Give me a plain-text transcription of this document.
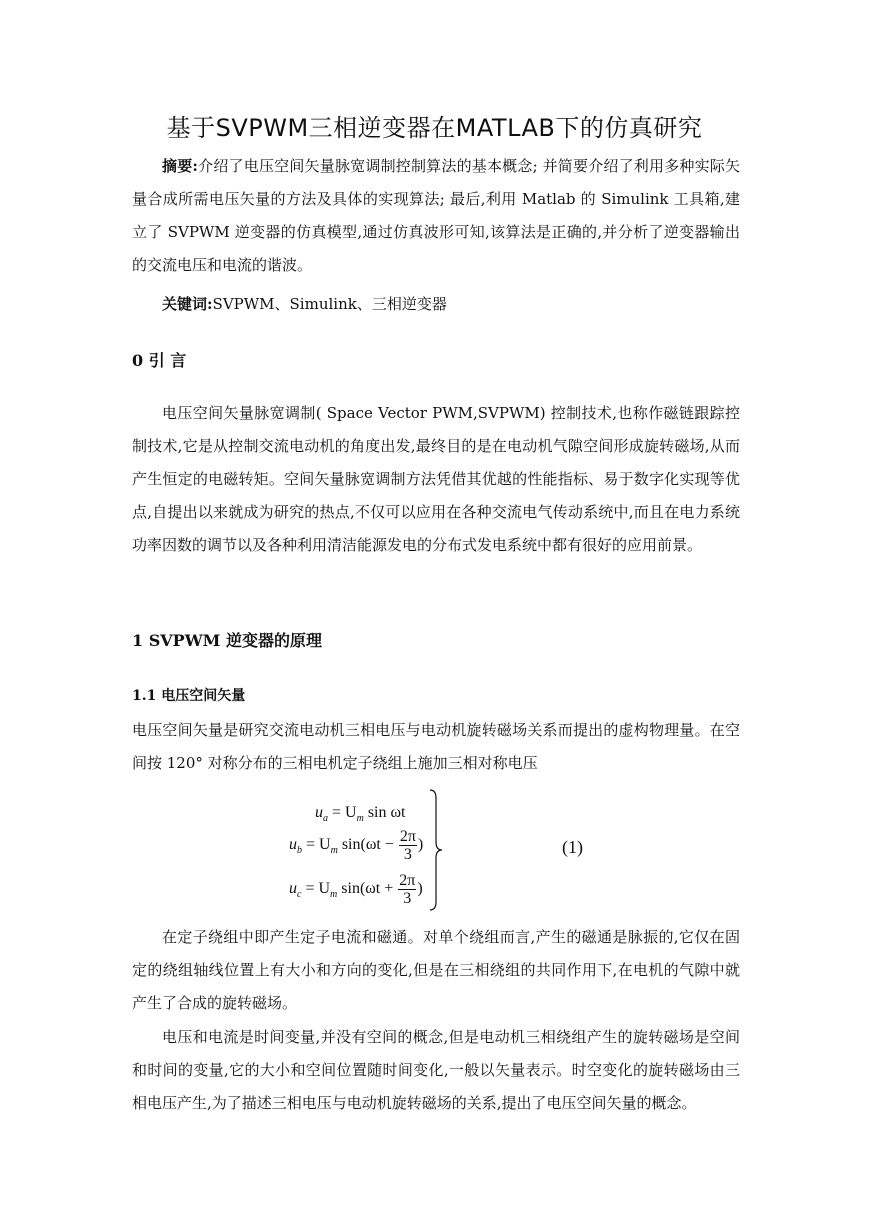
基于SVPWM三相逆变器在MATLAB下的仿真研究

摘要:介绍了电压空间矢量脉宽调制控制算法的基本概念; 并简要介绍了利用多种实际矢量合成所需电压矢量的方法及具体的实现算法; 最后,利用 Matlab 的 Simulink 工具箱,建立了 SVPWM 逆变器的仿真模型,通过仿真波形可知,该算法是正确的,并分析了逆变器输出的交流电压和电流的谐波。

关键词:SVPWM、Simulink、三相逆变器

0 引 言

电压空间矢量脉宽调制( Space Vector PWM,SVPWM) 控制技术,也称作磁链跟踪控制技术,它是从控制交流电动机的角度出发,最终目的是在电动机气隙空间形成旋转磁场,从而产生恒定的电磁转矩。空间矢量脉宽调制方法凭借其优越的性能指标、易于数字化实现等优点,自提出以来就成为研究的热点,不仅可以应用在各种交流电气传动系统中,而且在电力系统功率因数的调节以及各种利用清洁能源发电的分布式发电系统中都有很好的应用前景。

1 SVPWM 逆变器的原理
1.1 电压空间矢量

电压空间矢量是研究交流电动机三相电压与电动机旋转磁场关系而提出的虚构物理量。在空间按 120° 对称分布的三相电机定子绕组上施加三相对称电压

$u_a = U_m$ sin ωt
$u_b = U_m$ $\sin(\omega t - \frac{2\pi}{3}$ )
$u_c = U_m$ $\sin(\omega t + \frac{2\pi}{3}$ )
(1)

在定子绕组中即产生定子电流和磁通。对单个绕组而言,产生的磁通是脉振的,它仅在固定的绕组轴线位置上有大小和方向的变化,但是在三相绕组的共同作用下,在电机的气隙中就产生了合成的旋转磁场。

电压和电流是时间变量,并没有空间的概念,但是电动机三相绕组产生的旋转磁场是空间和时间的变量,它的大小和空间位置随时间变化,一般以矢量表示。时空变化的旋转磁场由三相电压产生,为了描述三相电压与电动机旋转磁场的关系,提出了电压空间矢量的概念。
